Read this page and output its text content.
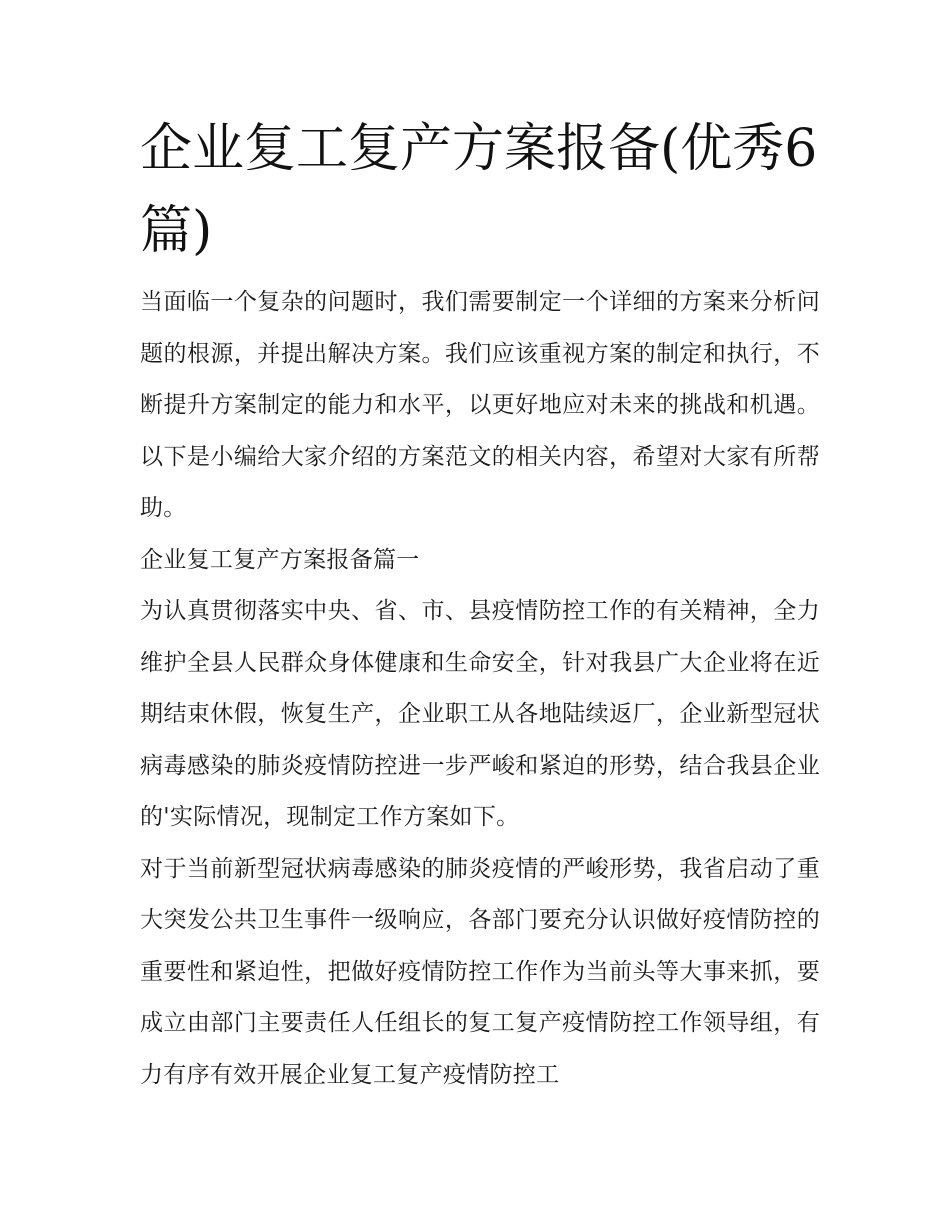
企业复工复产方案报备(优秀6篇)

当面临一个复杂的问题时，我们需要制定一个详细的方案来分析问题的根源，并提出解决方案。我们应该重视方案的制定和执行，不断提升方案制定的能力和水平，以更好地应对未来的挑战和机遇。以下是小编给大家介绍的方案范文的相关内容，希望对大家有所帮助。

企业复工复产方案报备篇一

为认真贯彻落实中央、省、市、县疫情防控工作的有关精神，全力维护全县人民群众身体健康和生命安全，针对我县广大企业将在近期结束休假，恢复生产，企业职工从各地陆续返厂，企业新型冠状病毒感染的肺炎疫情防控进一步严峻和紧迫的形势，结合我县企业的'实际情况，现制定工作方案如下。

对于当前新型冠状病毒感染的肺炎疫情的严峻形势，我省启动了重大突发公共卫生事件一级响应，各部门要充分认识做好疫情防控的重要性和紧迫性，把做好疫情防控工作作为当前头等大事来抓，要成立由部门主要责任人任组长的复工复产疫情防控工作领导组，有力有序有效开展企业复工复产疫情防控工
